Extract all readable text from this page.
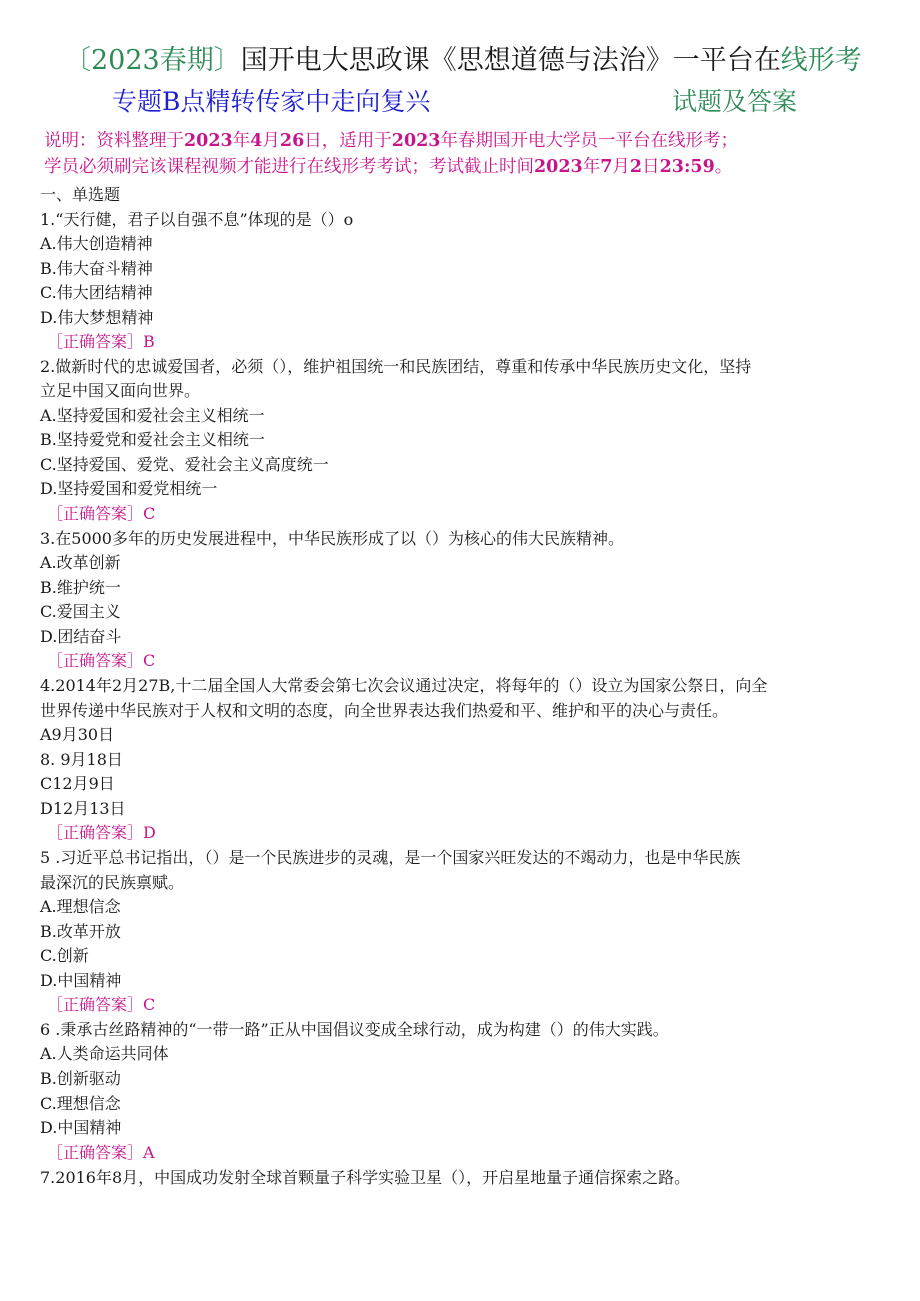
〔2023春期〕国开电大思政课《思想道德与法治》一平台在线形考
专题B点精转传家中走向复兴	试题及答案
说明：资料整理于2023年4月26日，适用于2023年春期国开电大学员一平台在线形考；
学员必须刷完该课程视频才能进行在线形考考试；考试截止时间2023年7月2日23:59。
一、单选题
1.“天行健，君子以自强不息”体现的是（）o
A.伟大创造精神
B.伟大奋斗精神
C.伟大团结精神
D.伟大梦想精神
［正确答案］B
2.做新时代的忠诚爱国者，必须（），维护祖国统一和民族团结，尊重和传承中华民族历史文化，坚持
立足中国又面向世界。
A.坚持爱国和爱社会主义相统一
B.坚持爱党和爱社会主义相统一
C.坚持爱国、爱党、爱社会主义高度统一
D.坚持爱国和爱党相统一
［正确答案］C
3.在5000多年的历史发展进程中，中华民族形成了以（）为核心的伟大民族精神。
A.改革创新
B.维护统一
C.爱国主义
D.团结奋斗
［正确答案］C
4.2014年2月27B,十二届全国人大常委会第七次会议通过决定，将每年的（）设立为国家公祭日，向全
世界传递中华民族对于人权和文明的态度，向全世界表达我们热爱和平、维护和平的决心与责任。
A9月30日
8. 9月18日
C12月9日
D12月13日
［正确答案］D
5 .习近平总书记指出，（）是一个民族进步的灵魂，是一个国家兴旺发达的不竭动力，也是中华民族
最深沉的民族禀赋。
A.理想信念
B.改革开放
C.创新
D.中国精神
［正确答案］C
6 .秉承古丝路精神的“一带一路”正从中国倡议变成全球行动，成为构建（）的伟大实践。
A.人类命运共同体
B.创新驱动
C.理想信念
D.中国精神
［正确答案］A
7.2016年8月，中国成功发射全球首颗量子科学实验卫星（），开启星地量子通信探索之路。
